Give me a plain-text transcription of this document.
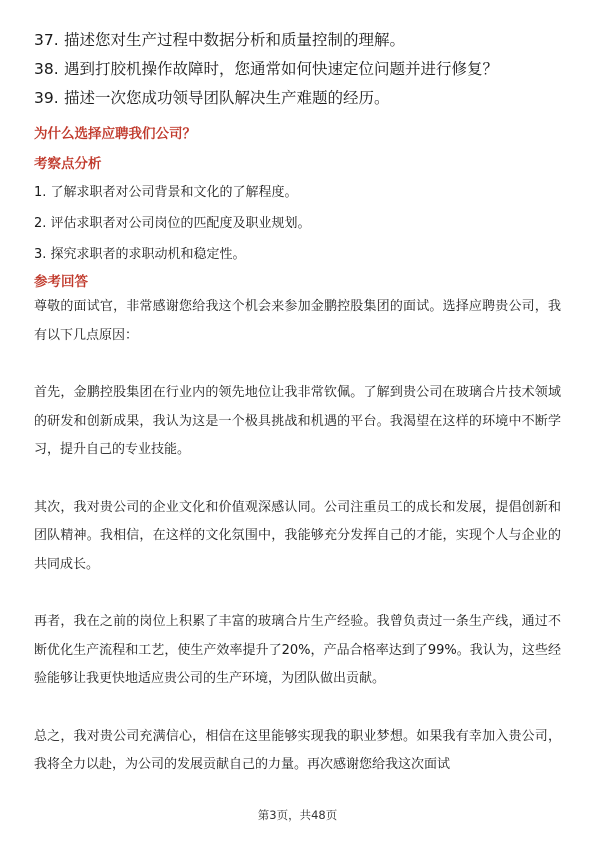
37. 描述您对生产过程中数据分析和质量控制的理解。
38. 遇到打胶机操作故障时，您通常如何快速定位问题并进行修复？
39. 描述一次您成功领导团队解决生产难题的经历。
为什么选择应聘我们公司？
考察点分析
1. 了解求职者对公司背景和文化的了解程度。
2. 评估求职者对公司岗位的匹配度及职业规划。
3. 探究求职者的求职动机和稳定性。
参考回答

尊敬的面试官，非常感谢您给我这个机会来参加金鹏控股集团的面试。选择应聘贵公司，我有以下几点原因：

首先，金鹏控股集团在行业内的领先地位让我非常钦佩。了解到贵公司在玻璃合片技术领域的研发和创新成果，我认为这是一个极具挑战和机遇的平台。我渴望在这样的环境中不断学习，提升自己的专业技能。

其次，我对贵公司的企业文化和价值观深感认同。公司注重员工的成长和发展，提倡创新和团队精神。我相信，在这样的文化氛围中，我能够充分发挥自己的才能，实现个人与企业的共同成长。

再者，我在之前的岗位上积累了丰富的玻璃合片生产经验。我曾负责过一条生产线，通过不断优化生产流程和工艺，使生产效率提升了20%，产品合格率达到了99%。我认为，这些经验能够让我更快地适应贵公司的生产环境，为团队做出贡献。

总之，我对贵公司充满信心，相信在这里能够实现我的职业梦想。如果我有幸加入贵公司，我将全力以赴，为公司的发展贡献自己的力量。再次感谢您给我这次面试

第3页，共48页
